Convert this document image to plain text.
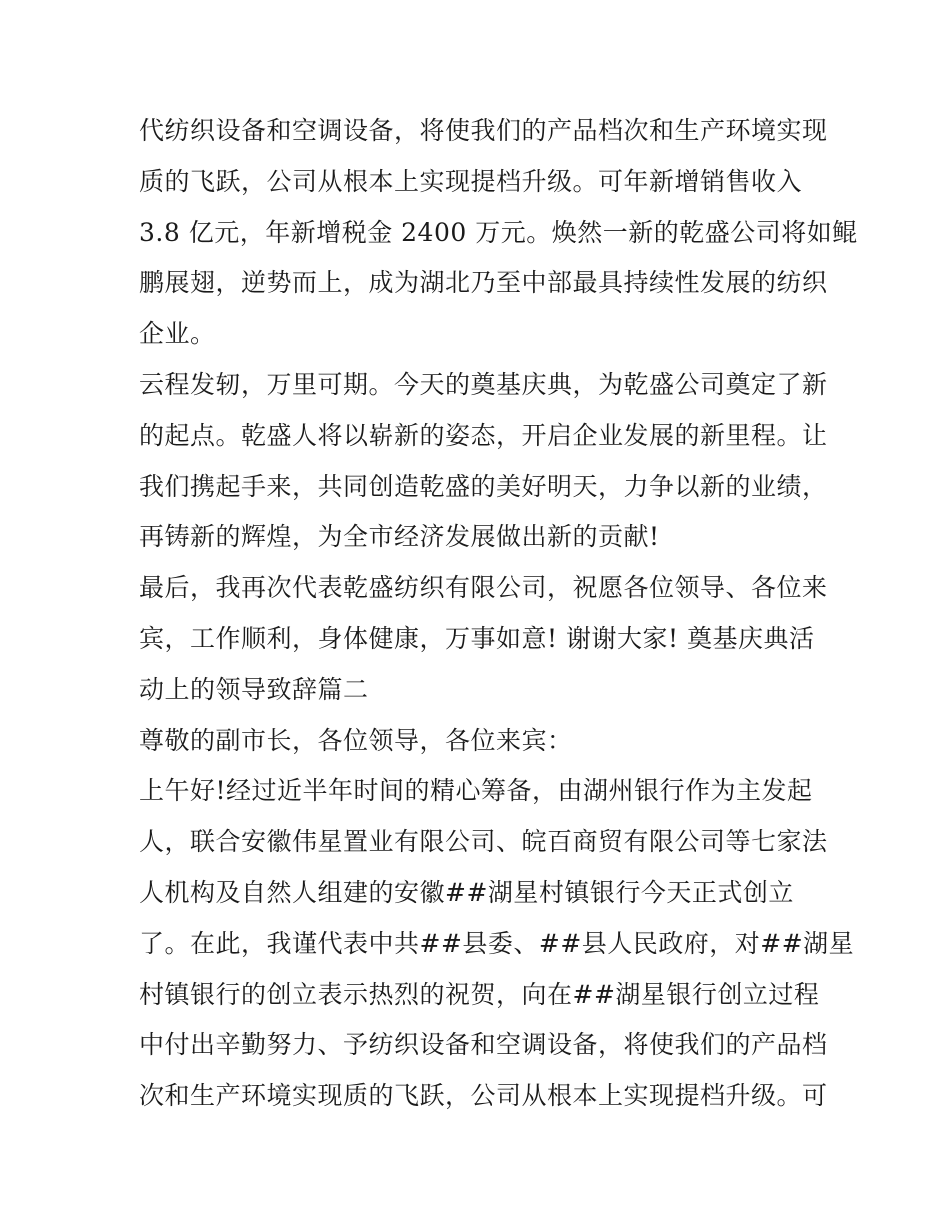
代纺织设备和空调设备，将使我们的产品档次和生产环境实现
质的飞跃，公司从根本上实现提档升级。可年新增销售收入
3.8 亿元，年新增税金 2400 万元。焕然一新的乾盛公司将如鲲
鹏展翅，逆势而上，成为湖北乃至中部最具持续性发展的纺织
企业。
云程发轫，万里可期。今天的奠基庆典，为乾盛公司奠定了新
的起点。乾盛人将以崭新的姿态，开启企业发展的新里程。让
我们携起手来，共同创造乾盛的美好明天，力争以新的业绩，
再铸新的辉煌，为全市经济发展做出新的贡献!
最后，我再次代表乾盛纺织有限公司，祝愿各位领导、各位来
宾，工作顺利，身体健康，万事如意! 谢谢大家! 奠基庆典活
动上的领导致辞篇二
尊敬的副市长，各位领导，各位来宾：
上午好!经过近半年时间的精心筹备，由湖州银行作为主发起
人，联合安徽伟星置业有限公司、皖百商贸有限公司等七家法
人机构及自然人组建的安徽##湖星村镇银行今天正式创立
了。在此，我谨代表中共##县委、##县人民政府，对##湖星
村镇银行的创立表示热烈的祝贺，向在##湖星银行创立过程
中付出辛勤努力、予纺织设备和空调设备，将使我们的产品档
次和生产环境实现质的飞跃，公司从根本上实现提档升级。可
